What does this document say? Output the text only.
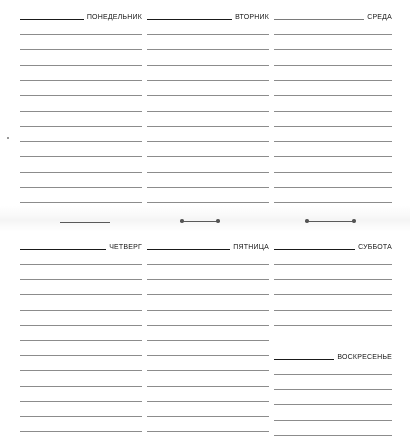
ПОНЕДЕЛЬНИК	ВТОРНИК	СРЕДА
ЧЕТВЕРГ	ПЯТНИЦА	СУББОТА
ВОСКРЕСЕНЬЕ
